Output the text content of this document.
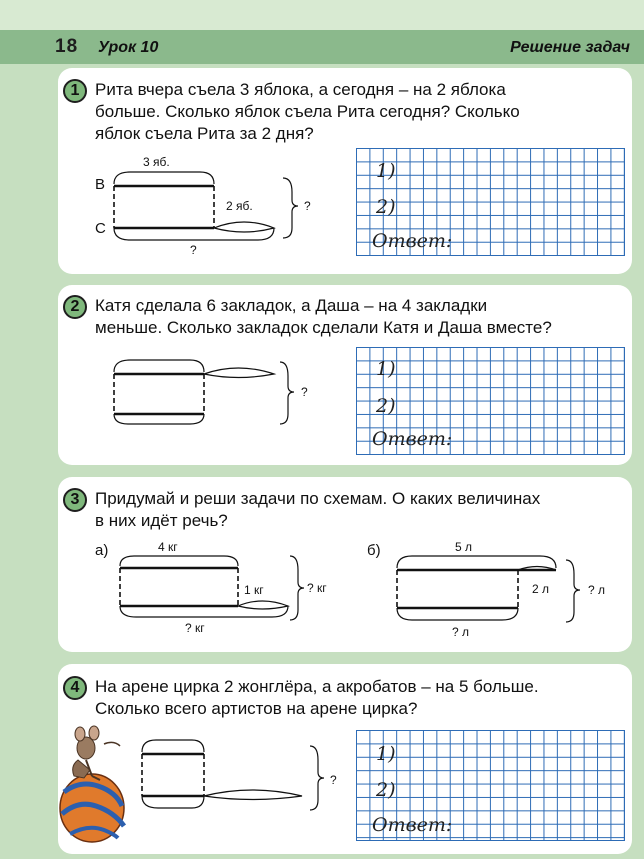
18 Урок 10	Решение задач
1 Рита вчера съела 3 яблока, а сегодня – на 2 яблока
больше. Сколько яблок съела Рита сегодня? Сколько
яблок съела Рита за 2 дня?
1)
2)
Ответ:
2 Катя сделала 6 закладок, а Даша – на 4 закладки
меньше. Сколько закладок сделали Катя и Даша вместе?
1)
2)
Ответ:
3 Придумай и реши задачи по схемам. О каких величинах
в них идёт речь?
4 На арене цирка 2 жонглёра, а акробатов – на 5 больше.
Сколько всего артистов на арене цирка?
1)
2)
Ответ:
В
С
3 яб.
2 яб.
?
?
?
а)	4 кг
1 кг
? кг
? кг
б)	5 л
2 л
? л
? л
?
